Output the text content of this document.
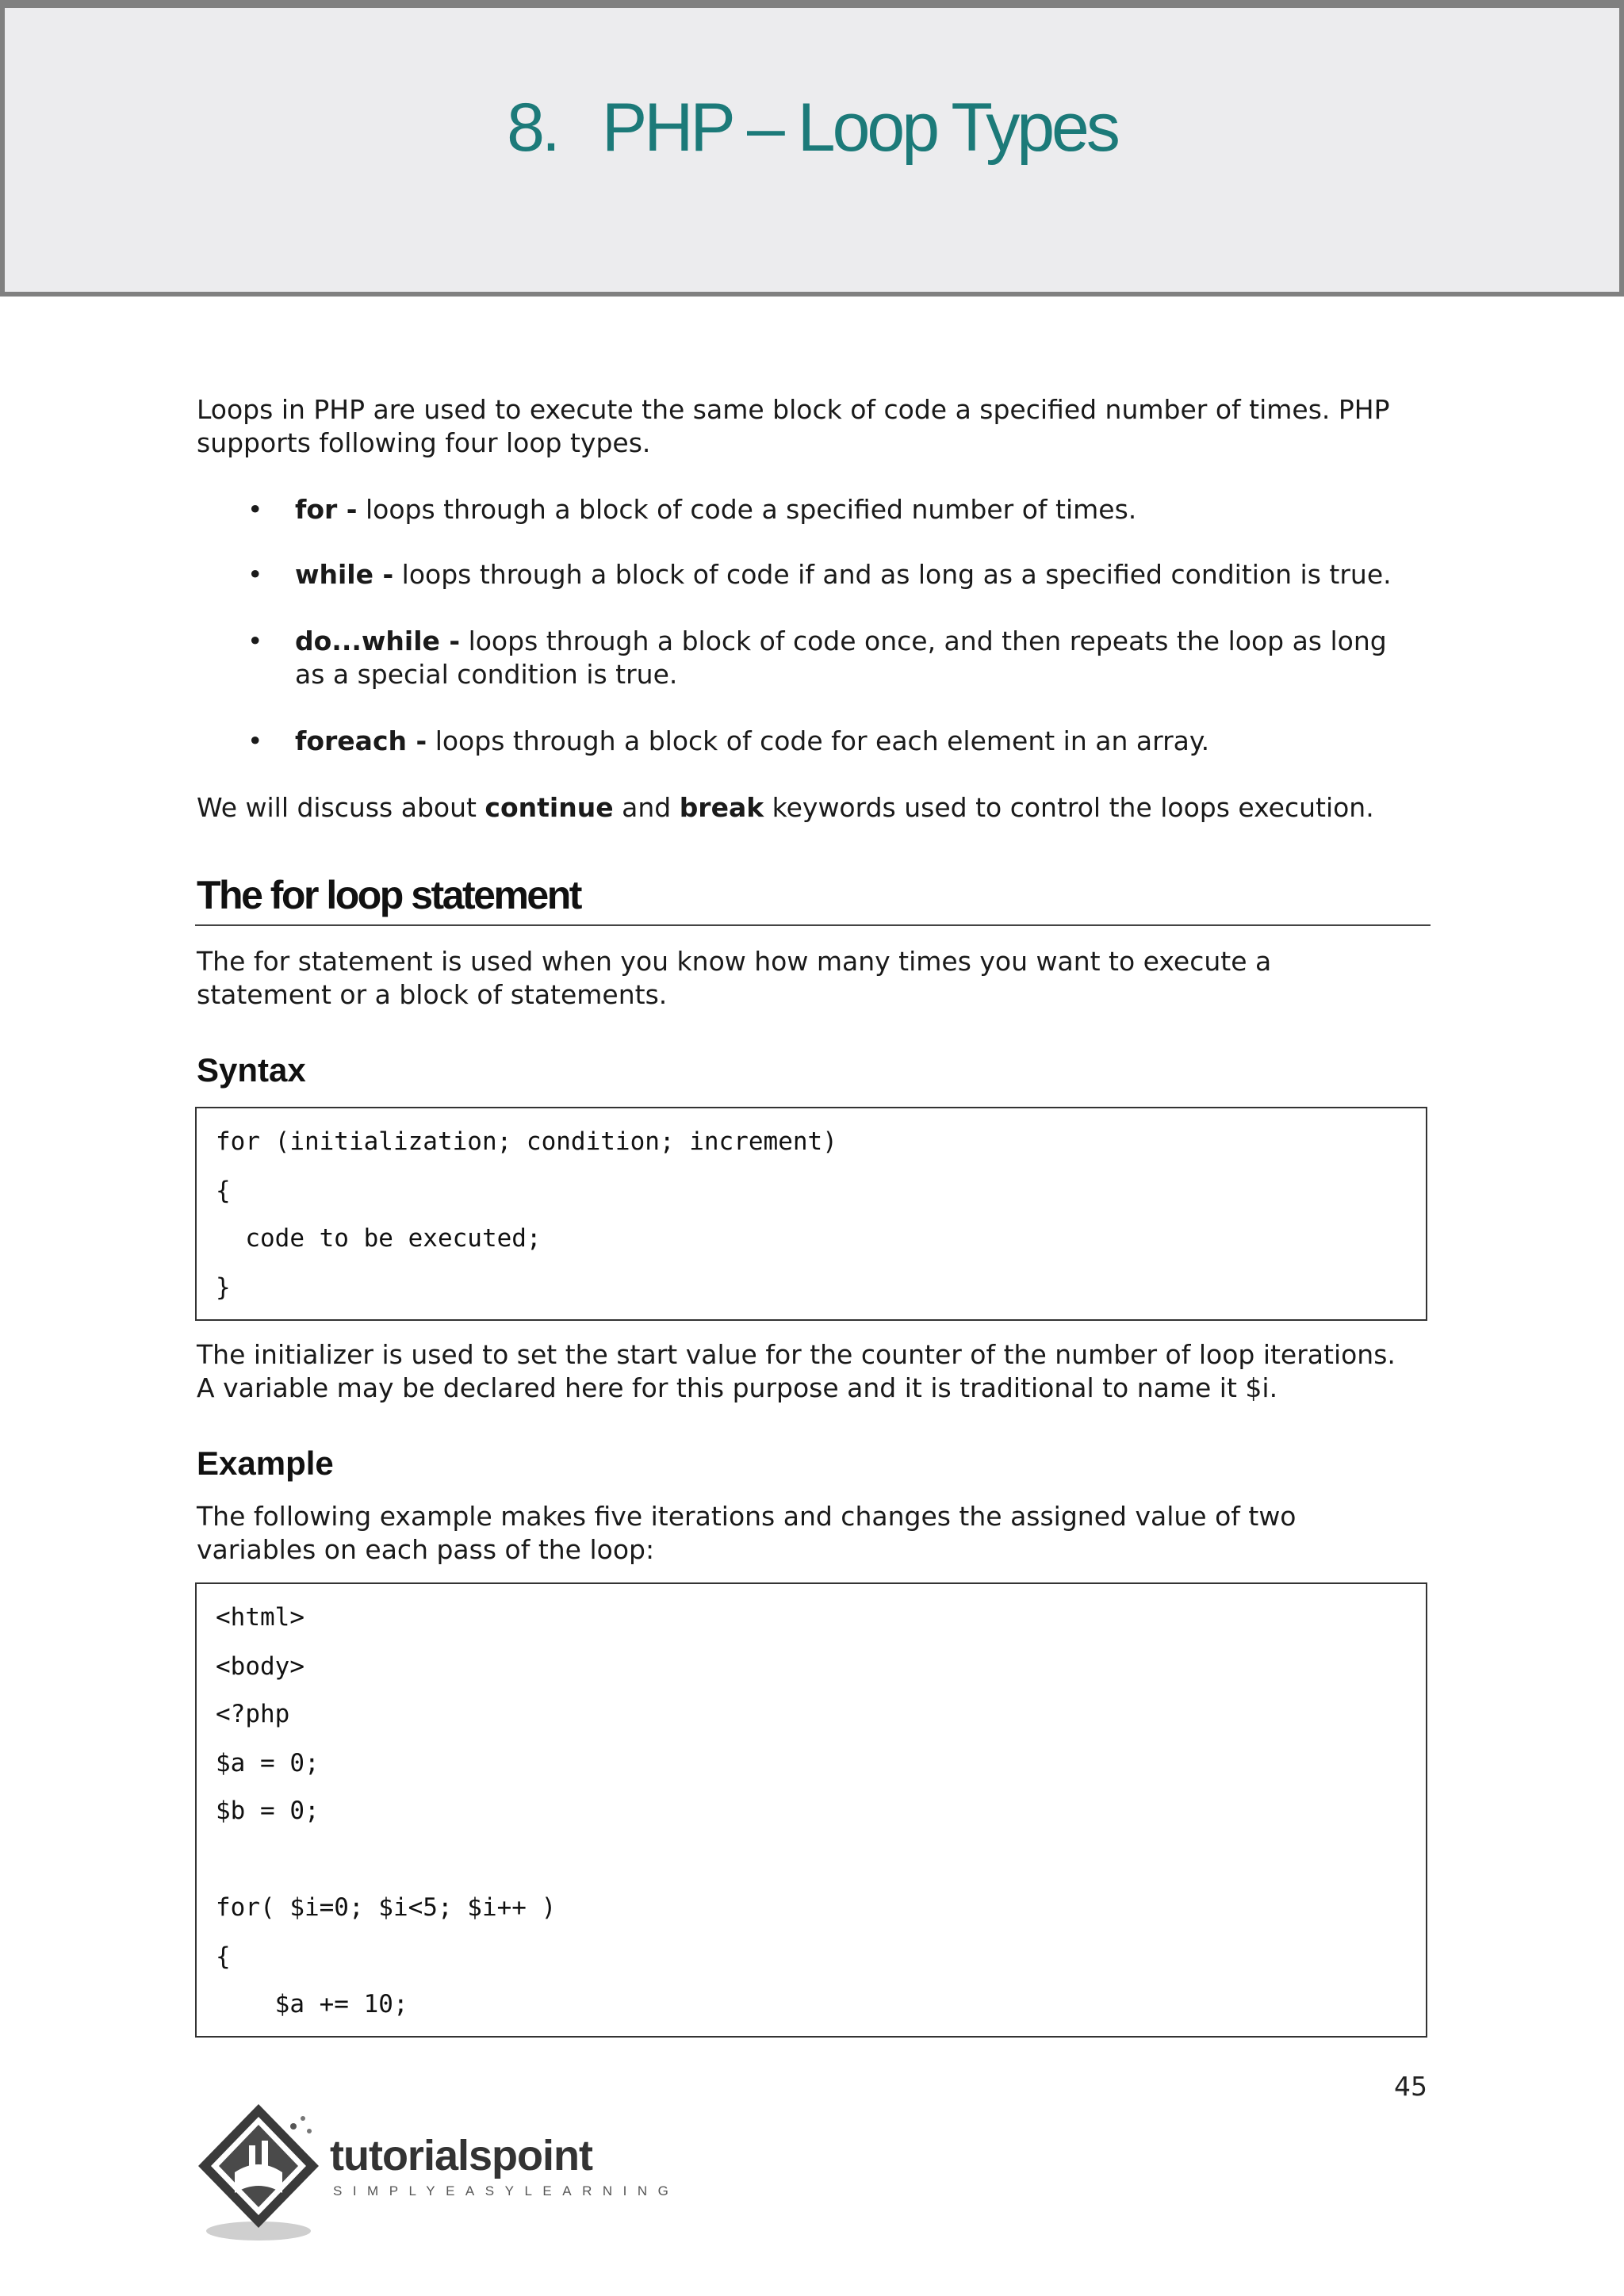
8. PHP – Loop Types

Loops in PHP are used to execute the same block of code a specified number of times. PHP

supports following four loop types.

• for - loops through a block of code a specified number of times.
• while - loops through a block of code if and as long as a specified condition is true.
• do...while - loops through a block of code once, and then repeats the loop as long
as a special condition is true.
• foreach - loops through a block of code for each element in an array.

We will discuss about continue and break keywords used to control the loops execution.

The for loop statement

The for statement is used when you know how many times you want to execute a

statement or a block of statements.

Syntax
for (initialization; condition; increment)
{
code to be executed;
}

The initializer is used to set the start value for the counter of the number of loop iterations.

A variable may be declared here for this purpose and it is traditional to name it $i.

Example

The following example makes five iterations and changes the assigned value of two

variables on each pass of the loop:

<html>
<body>
<?php
$a = 0;
$b = 0;
for( $i=0; $i<5; $i++ )
{
$a += 10;
45
tutorialspoint
SIMPLYEASYLEARNING
